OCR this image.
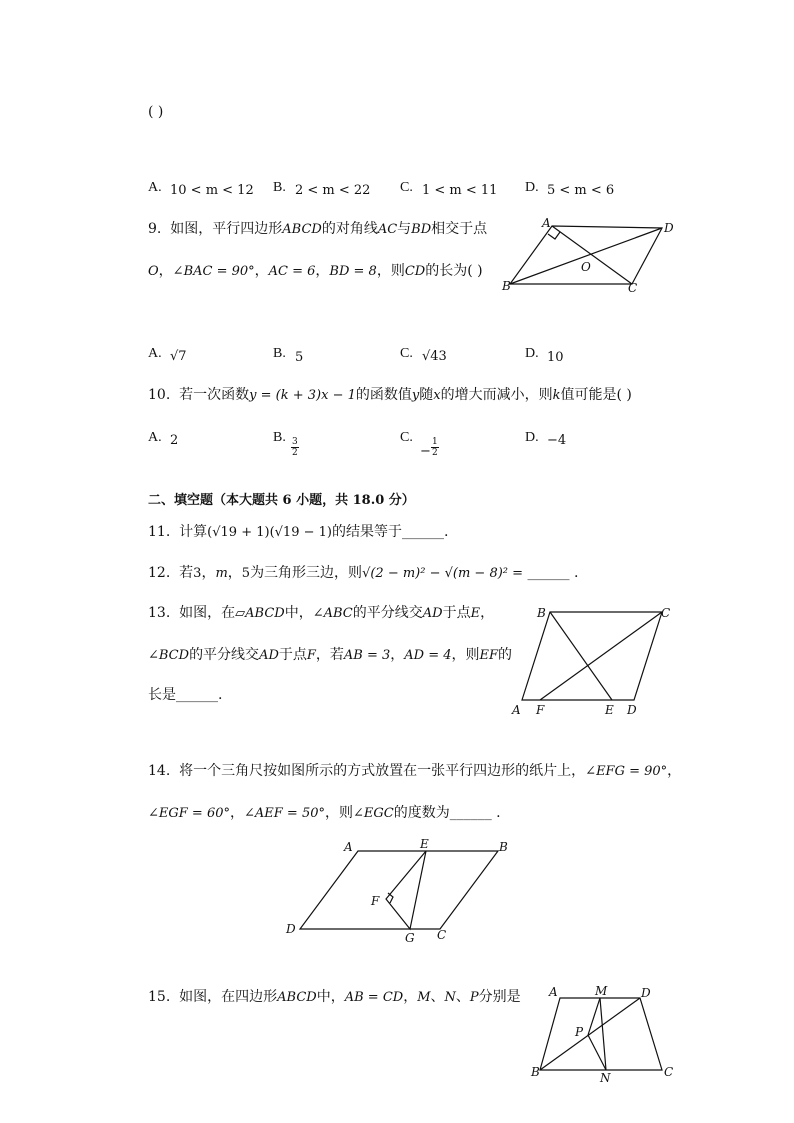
( )
A. 10 < m < 12 B. 2 < m < 22 C. 1 < m < 11 D. 5 < m < 6
9. 如图，平行四边形ABCD的对角线AC与BD相交于点
O，∠BAC = 90°，AC = 6，BD = 8，则CD的长为( )
A	D
B	C
O
A. √7	B. 5	C. √43	D. 10
10. 若一次函数y = (k + 3)x − 1的函数值y随x的增大而减小，则k值可能是( )
A. 2	B. $\frac{3}{2}$	C.
− $\frac{1}{2}$	D. −4
二、填空题（本大题共 6 小题，共 18.0 分）
11. 计算(√19 + 1)(√19 − 1)的结果等于______.
12. 若3，m，5为三角形三边，则√(2 − m)² − √(m − 8)² = ______ .
13. 如图，在▱ABCD中，∠ABC的平分线交AD于点E，
∠BCD的平分线交AD于点F，若AB = 3，AD = 4，则EF的
长是______.
B	C
A F	E D
14. 将一个三角尺按如图所示的方式放置在一张平行四边形的纸片上，∠EFG = 90°，
∠EGF = 60°，∠AEF = 50°，则∠EGC的度数为______ .
A	E	B
F
D
G C
15. 如图，在四边形ABCD中，AB = CD，M、N、P分别是 A	M	D
P
B	N	C
